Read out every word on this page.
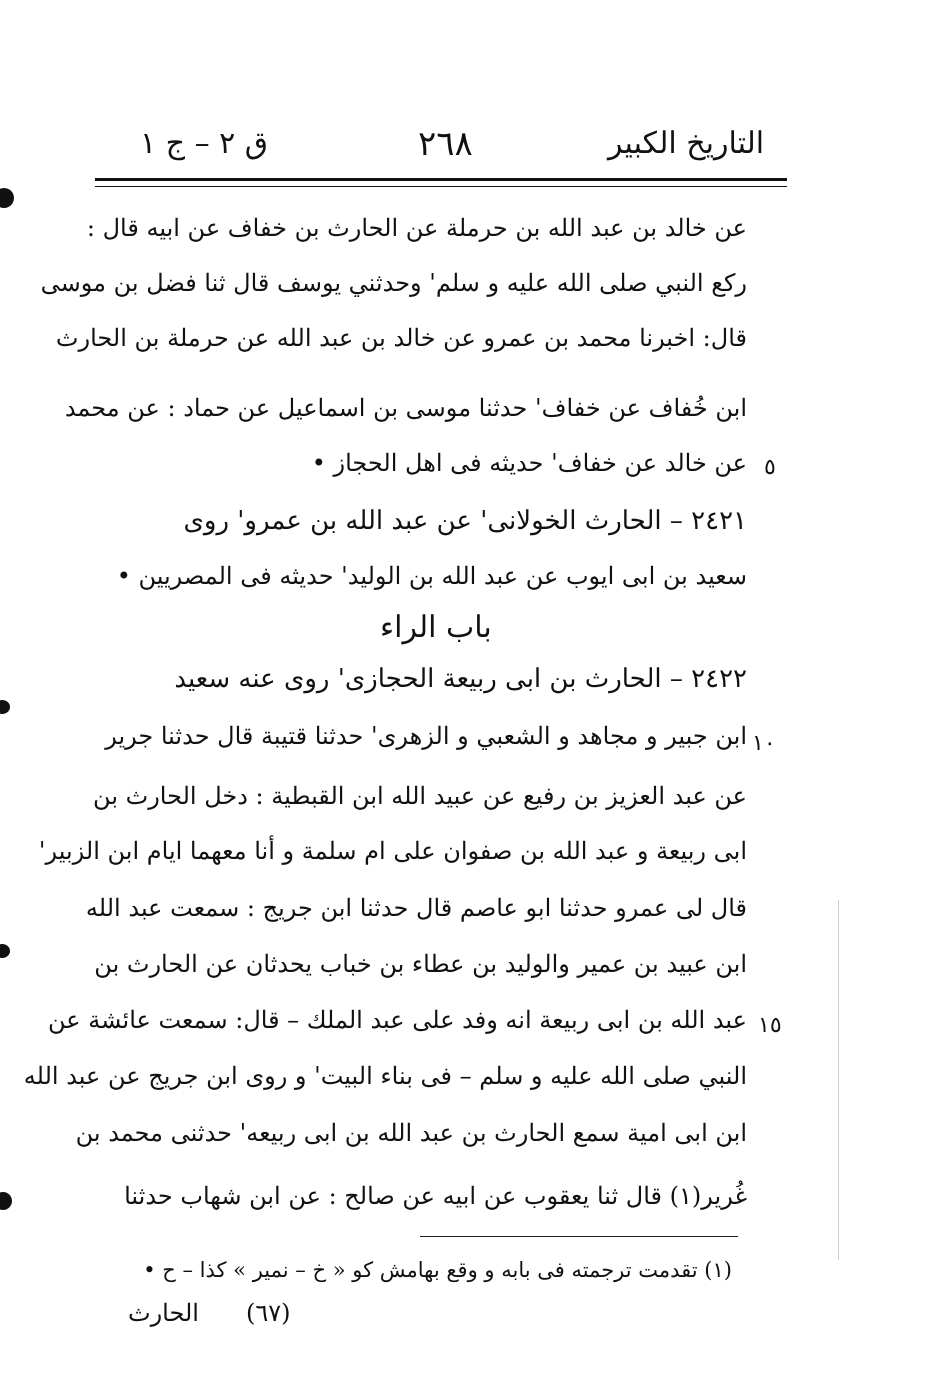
التاريخ الكبير
٢٦٨
ق ٢ – ج ١
عن خالد بن عبد الله بن حرملة عن الحارث بن خفاف عن ابيه قال :
ركع النبي صلى الله عليه و سلم' وحدثني يوسف قال ثنا فضل بن موسى
قال: اخبرنا محمد بن عمرو عن خالد بن عبد الله عن حرملة بن الحارث
ابن خُفاف عن خفاف' حدثنا موسى بن اسماعيل عن حماد : عن محمد
عن خالد عن خفاف' حديثه فى اهل الحجاز •
٢٤٢١ – الحارث الخولانى' عن عبد الله بن عمرو' روى
سعيد بن ابى ايوب عن عبد الله بن الوليد' حديثه فى المصريين •
باب الراء
٢٤٢٢ – الحارث بن ابى ربيعة الحجازى' روى عنه سعيد
ابن جبير و مجاهد و الشعبي و الزهرى' حدثنا قتيبة قال حدثنا جرير
عن عبد العزيز بن رفيع عن عبيد الله ابن القبطية : دخل الحارث بن
ابى ربيعة و عبد الله بن صفوان على ام سلمة و أنا معهما ايام ابن الزبير'
قال لى عمرو حدثنا ابو عاصم قال حدثنا ابن جريج : سمعت عبد الله
ابن عبيد بن عمير والوليد بن عطاء بن خباب يحدثان عن الحارث بن
عبد الله بن ابى ربيعة انه وفد على عبد الملك – قال: سمعت عائشة عن
النبي صلى الله عليه و سلم – فى بناء البيت' و روى ابن جريج عن عبد الله
ابن ابى امية سمع الحارث بن عبد الله بن ابى ربيعه' حدثنى محمد بن
غُرير(١) قال ثنا يعقوب عن ابيه عن صالح : عن ابن شهاب حدثنا
٥
١٠
١٥
(١) تقدمت ترجمته فى بابه و وقع بهامش كو « خ – نمير » كذا – ح •
(٦٧)
الحارث
